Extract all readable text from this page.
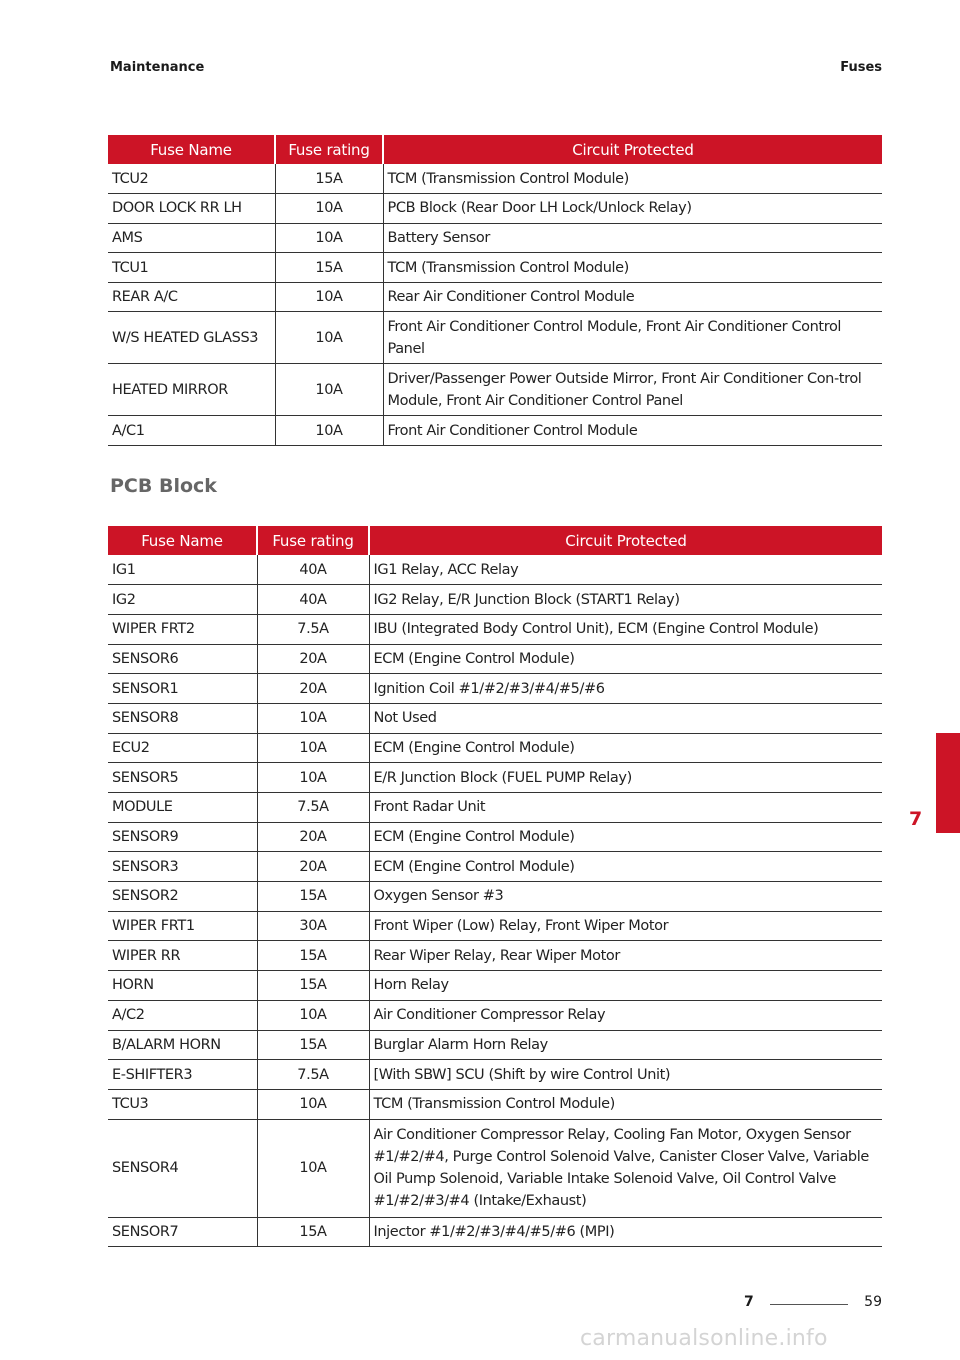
Maintenance	Fuses
Fuse Name	Fuse rating	Circuit Protected
TCU2	15A	TCM (Transmission Control Module)
DOOR LOCK RR LH	10A	PCB Block (Rear Door LH Lock/Unlock Relay)
AMS	10A	Battery Sensor
TCU1	15A	TCM (Transmission Control Module)
REAR A/C	10A	Rear Air Conditioner Control Module
W/S HEATED GLASS3	10A	Front Air Conditioner Control Module, Front Air Conditioner Control Panel
HEATED MIRROR	10A	Driver/Passenger Power Outside Mirror, Front Air Conditioner Con-trol Module, Front Air Conditioner Control Panel
A/C1	10A	Front Air Conditioner Control Module
PCB Block
Fuse Name	Fuse rating	Circuit Protected
IG1	40A	IG1 Relay, ACC Relay
IG2	40A	IG2 Relay, E/R Junction Block (START1 Relay)
WIPER FRT2	7.5A	IBU (Integrated Body Control Unit), ECM (Engine Control Module)
SENSOR6	20A	ECM (Engine Control Module)
SENSOR1	20A	Ignition Coil #1/#2/#3/#4/#5/#6
SENSOR8	10A	Not Used
ECU2	10A	ECM (Engine Control Module)
SENSOR5	10A	E/R Junction Block (FUEL PUMP Relay)
MODULE	7.5A	Front Radar Unit
SENSOR9	20A	ECM (Engine Control Module)
SENSOR3	20A	ECM (Engine Control Module)
SENSOR2	15A	Oxygen Sensor #3
WIPER FRT1	30A	Front Wiper (Low) Relay, Front Wiper Motor
WIPER RR	15A	Rear Wiper Relay, Rear Wiper Motor
HORN	15A	Horn Relay
A/C2	10A	Air Conditioner Compressor Relay
B/ALARM HORN	15A	Burglar Alarm Horn Relay
E-SHIFTER3	7.5A	[With SBW] SCU (Shift by wire Control Unit)
TCU3	10A	TCM (Transmission Control Module)
SENSOR4	10A	Air Conditioner Compressor Relay, Cooling Fan Motor, Oxygen Sensor #1/#2/#4, Purge Control Solenoid Valve, Canister Closer Valve, Variable Oil Pump Solenoid, Variable Intake Solenoid Valve, Oil Control Valve #1/#2/#3/#4 (Intake/Exhaust)
SENSOR7	15A	Injector #1/#2/#3/#4/#5/#6 (MPI)
7
7	59
carmanualsonline.info
